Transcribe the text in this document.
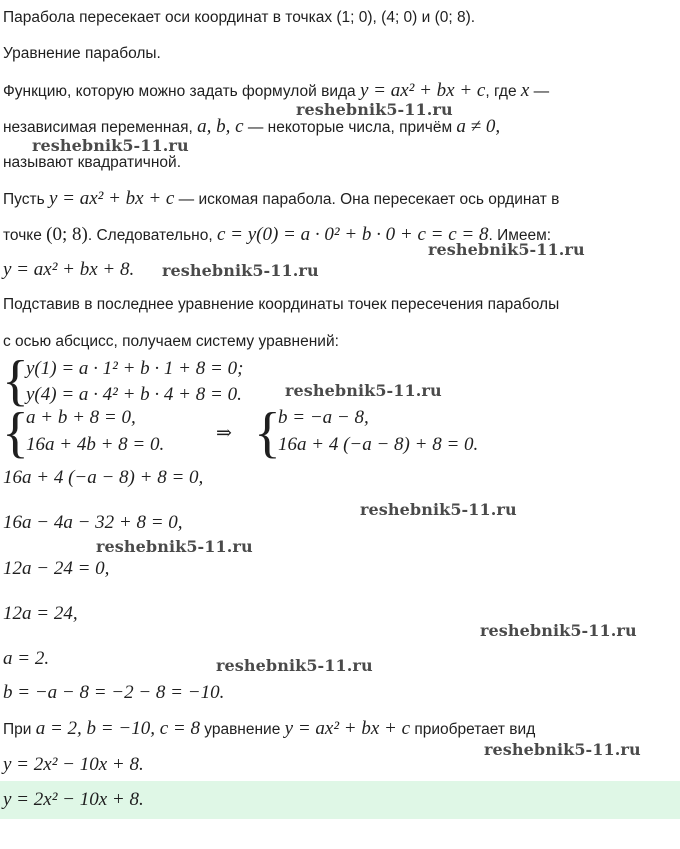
Парабола пересекает оси координат в точках (1; 0), (4; 0) и (0; 8).
Уравнение параболы.
Функцию, которую можно задать формулой вида y = ax² + bx + c, где x —
независимая переменная, a, b, c — некоторые числа, причём a ≠ 0,
называют квадратичной.
Пусть y = ax² + bx + c — искомая парабола. Она пересекает ось ординат в
точке (0; 8). Следовательно, c = y(0) = a · 0² + b · 0 + c = c = 8. Имеем:
y = ax² + bx + 8.
Подставив в последнее уравнение координаты точек пересечения параболы
с осью абсцисс, получаем систему уравнений:
{
y(1) = a · 1² + b · 1 + 8 = 0;
y(4) = a · 4² + b · 4 + 8 = 0.
{
a + b + 8 = 0,
16a + 4b + 8 = 0.
⇒ {
b = −a − 8,
16a + 4 (−a − 8) + 8 = 0.
16a + 4 (−a − 8) + 8 = 0,
16a − 4a − 32 + 8 = 0,
12a − 24 = 0,
12a = 24,
a = 2.
b = −a − 8 = −2 − 8 = −10.
При a = 2, b = −10, c = 8 уравнение y = ax² + bx + c приобретает вид
y = 2x² − 10x + 8.
y = 2x² − 10x + 8.
reshebnik5-11.ru
reshebnik5-11.ru
reshebnik5-11.ru
reshebnik5-11.ru
reshebnik5-11.ru
reshebnik5-11.ru
reshebnik5-11.ru
reshebnik5-11.ru
reshebnik5-11.ru
reshebnik5-11.ru
